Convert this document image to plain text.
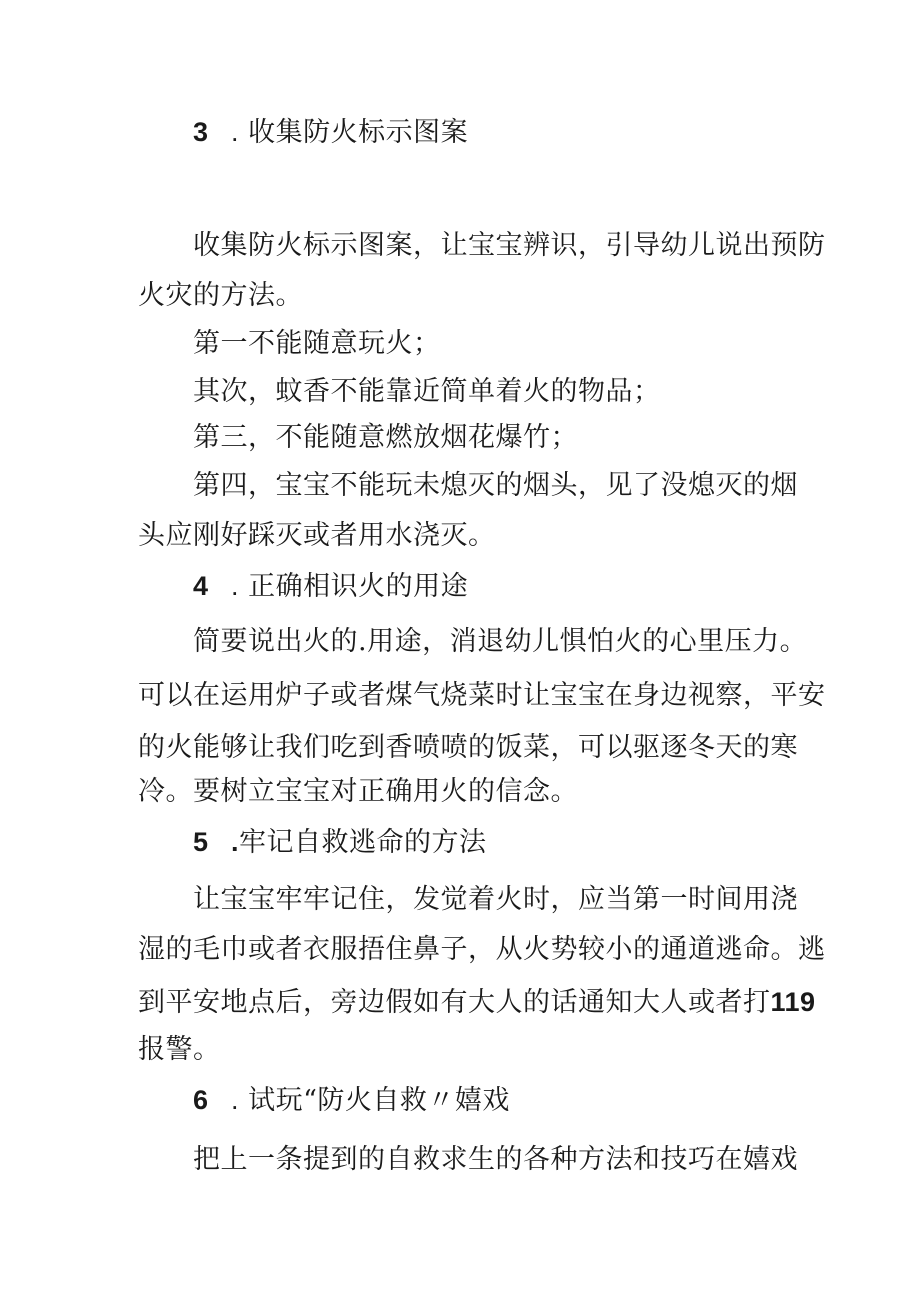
3 . 收集防火标示图案
收集防火标示图案，让宝宝辨识，引导幼儿说出预防
火灾的方法。
第一不能随意玩火；
其次，蚊香不能靠近简单着火的物品；
第三，不能随意燃放烟花爆竹；
第四，宝宝不能玩未熄灭的烟头，见了没熄灭的烟
头应刚好踩灭或者用水浇灭。
4 . 正确相识火的用途
简要说出火的.用途，消退幼儿惧怕火的心里压力。
可以在运用炉子或者煤气烧菜时让宝宝在身边视察，平安
的火能够让我们吃到香喷喷的饭菜，可以驱逐冬天的寒
冷。要树立宝宝对正确用火的信念。
5 .牢记自救逃命的方法
让宝宝牢牢记住，发觉着火时，应当第一时间用浇
湿的毛巾或者衣服捂住鼻子，从火势较小的通道逃命。逃
到平安地点后，旁边假如有大人的话通知大人或者打119
报警。
6 . 试玩“防火自救〃嬉戏
把上一条提到的自救求生的各种方法和技巧在嬉戏
